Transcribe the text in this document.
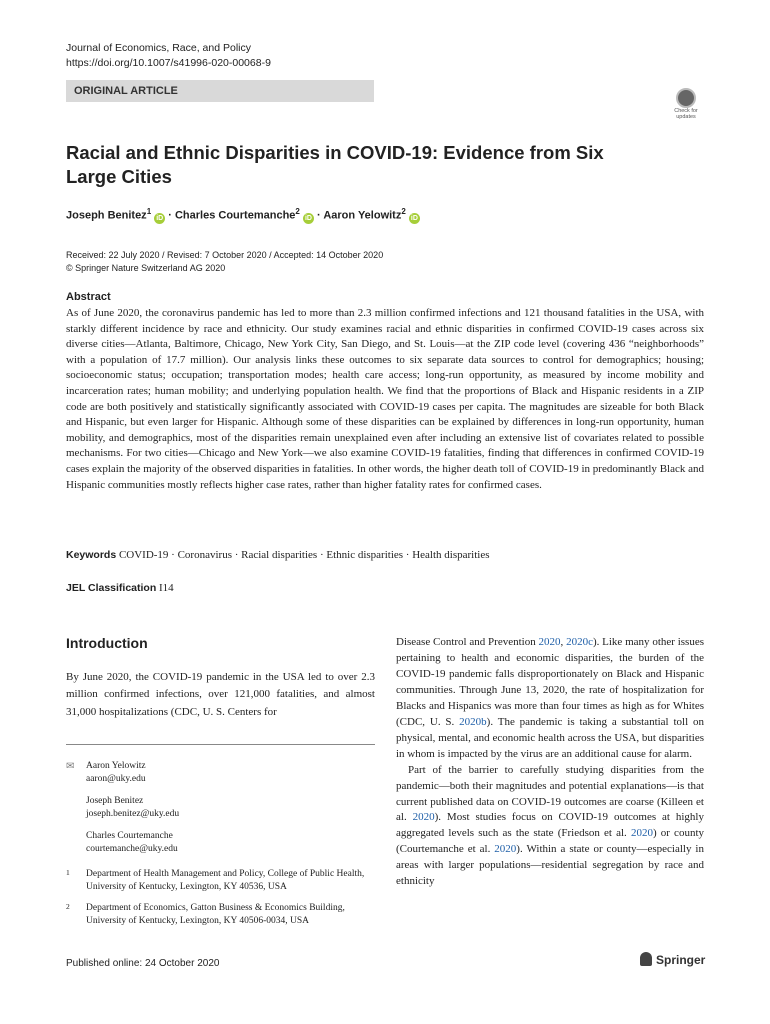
Journal of Economics, Race, and Policy
https://doi.org/10.1007/s41996-020-00068-9
ORIGINAL ARTICLE
Check for
updates
Racial and Ethnic Disparities in COVID-19: Evidence from Six Large Cities
Joseph Benitez$^1$ iD · Charles Courtemanche$^2$ iD · Aaron Yelowitz$^2$ iD
Received: 22 July 2020 / Revised: 7 October 2020 / Accepted: 14 October 2020
© Springer Nature Switzerland AG 2020
Abstract
As of June 2020, the coronavirus pandemic has led to more than 2.3 million confirmed infections and 121 thousand fatalities in the USA, with starkly different incidence by race and ethnicity. Our study examines racial and ethnic disparities in confirmed COVID-19 cases across six diverse cities—Atlanta, Baltimore, Chicago, New York City, San Diego, and St. Louis—at the ZIP code level (covering 436 “neighborhoods” with a population of 17.7 million). Our analysis links these outcomes to six separate data sources to control for demographics; housing; socioeconomic status; occupation; transportation modes; health care access; long-run opportunity, as measured by income mobility and incarceration rates; human mobility; and underlying population health. We find that the proportions of Black and Hispanic residents in a ZIP code are both positively and statistically significantly associated with COVID-19 cases per capita. The magnitudes are sizeable for both Black and Hispanic, but even larger for Hispanic. Although some of these disparities can be explained by differences in long-run opportunity, human mobility, and demographics, most of the disparities remain unexplained even after including an extensive list of covariates related to possible mechanisms. For two cities—Chicago and New York—we also examine COVID-19 fatalities, finding that differences in confirmed COVID-19 cases explain the majority of the observed disparities in fatalities. In other words, the higher death toll of COVID-19 in predominantly Black and Hispanic communities mostly reflects higher case rates, rather than higher fatality rates for confirmed cases.
Keywords COVID-19 · Coronavirus · Racial disparities · Ethnic disparities · Health disparities
JEL Classification I14
Introduction
By June 2020, the COVID-19 pandemic in the USA led to over 2.3 million confirmed infections, over 121,000 fatalities, and almost 31,000 hospitalizations (CDC, U. S. Centers for
✉ Aaron Yelowitz
aaron@uky.edu
Joseph Benitez
joseph.benitez@uky.edu
Charles Courtemanche
courtemanche@uky.edu
1 Department of Health Management and Policy, College of Public Health, University of Kentucky, Lexington, KY 40536, USA
2 Department of Economics, Gatton Business & Economics Building, University of Kentucky, Lexington, KY 40506-0034, USA

Disease Control and Prevention 2020, 2020c). Like many other issues pertaining to health and economic disparities, the burden of the COVID-19 pandemic falls disproportionately on Black and Hispanic communities. Through June 13, 2020, the rate of hospitalization for Blacks and Hispanics was more than four times as high as for Whites (CDC, U. S. 2020b). The pandemic is taking a substantial toll on physical, mental, and economic health across the USA, but disparities in whom is impacted by the virus are an additional cause for alarm.

Part of the barrier to carefully studying disparities from the pandemic—both their magnitudes and potential explanations—is that current published data on COVID-19 outcomes are coarse (Killeen et al. 2020). Most studies focus on COVID-19 outcomes at highly aggregated levels such as the state (Friedson et al. 2020) or county (Courtemanche et al. 2020). Within a state or county—especially in areas with larger populations—residential segregation by race and ethnicity

Published online: 24 October 2020	Springer
